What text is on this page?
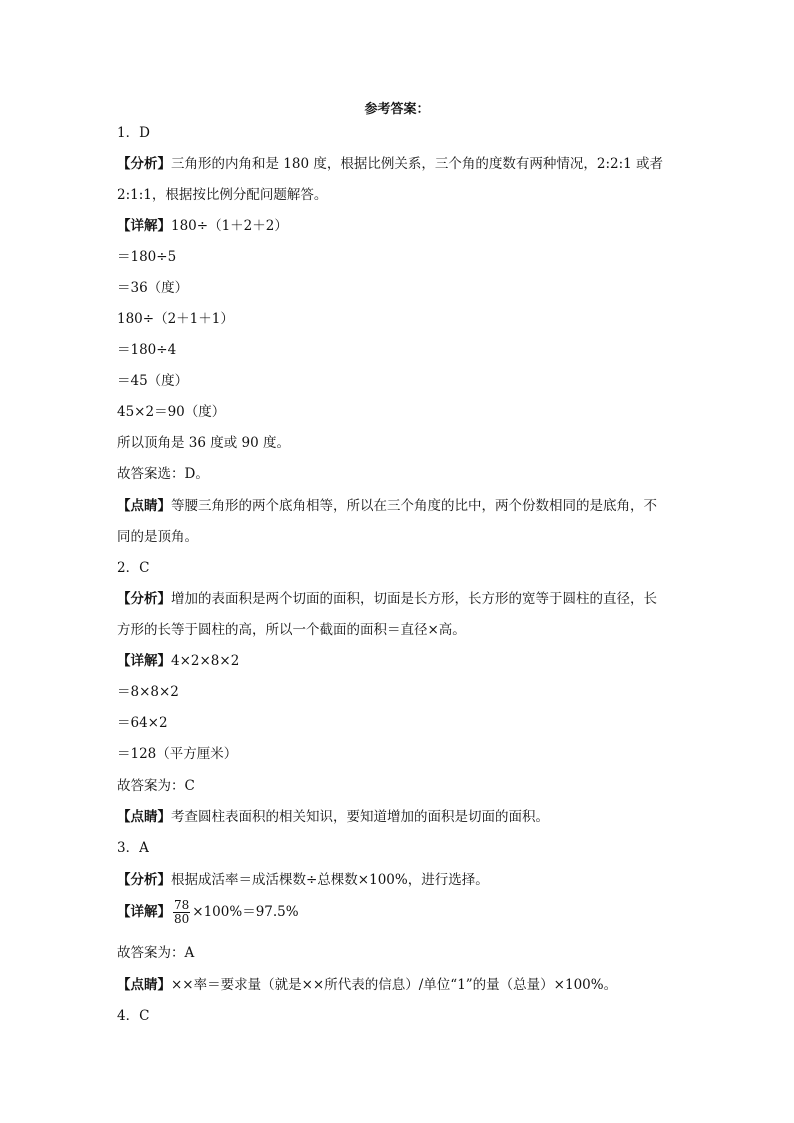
参考答案：
1．D
【分析】三角形的内角和是 180 度，根据比例关系，三个角的度数有两种情况，2:2:1 或者
2:1:1，根据按比例分配问题解答。
【详解】180÷（1＋2＋2）
＝180÷5
＝36（度）
180÷（2＋1＋1）
＝180÷4
＝45（度）
45×2＝90（度）
所以顶角是 36 度或 90 度。
故答案选：D。
【点睛】等腰三角形的两个底角相等，所以在三个角度的比中，两个份数相同的是底角，不
同的是顶角。
2．C
【分析】增加的表面积是两个切面的面积，切面是长方形，长方形的宽等于圆柱的直径，长
方形的长等于圆柱的高，所以一个截面的面积＝直径×高。
【详解】4×2×8×2
＝8×8×2
＝64×2
＝128（平方厘米）
故答案为：C
【点睛】考查圆柱表面积的相关知识，要知道增加的面积是切面的面积。
3．A
【分析】根据成活率＝成活棵数÷总棵数×100%，进行选择。
【详解】 $\frac{78}{80} \times 100\%=97.5\%$
故答案为：A
【点睛】××率＝要求量（就是××所代表的信息）/单位“1”的量（总量）×100%。
4．C
